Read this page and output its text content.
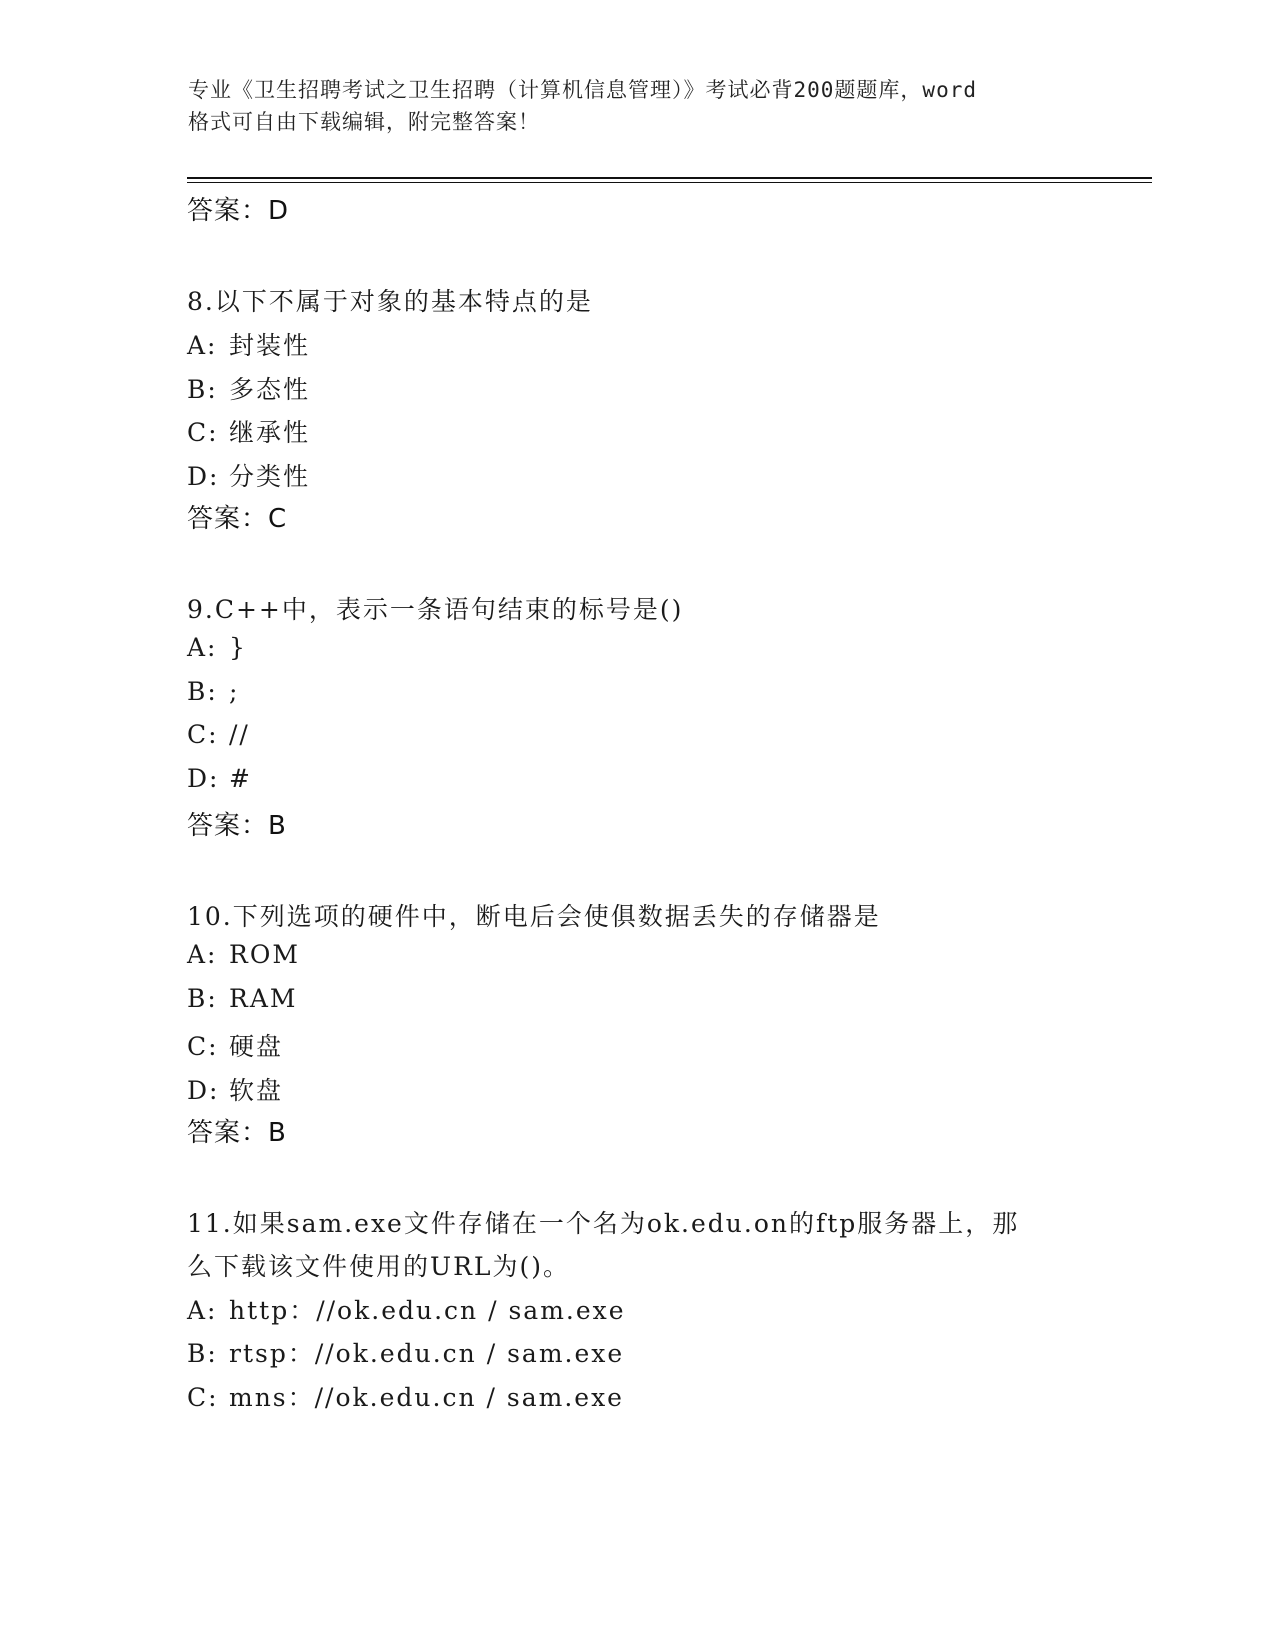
专业《卫生招聘考试之卫生招聘（计算机信息管理）》考试必背200题题库，word
格式可自由下载编辑，附完整答案！
答案：D
8.以下不属于对象的基本特点的是
A: 封装性
B: 多态性
C: 继承性
D: 分类性
答案：C
9.C++中，表示一条语句结束的标号是()
A: }
B: ;
C: //
D: #
答案：B
10.下列选项的硬件中，断电后会使俱数据丢失的存储器是
A: ROM
B: RAM
C: 硬盘
D: 软盘
答案：B
11.如果sam.exe文件存储在一个名为ok.edu.on的ftp服务器上，那
么下载该文件使用的URL为()。
A: http：//ok.edu.cn / sam.exe
B: rtsp：//ok.edu.cn / sam.exe
C: mns：//ok.edu.cn / sam.exe
